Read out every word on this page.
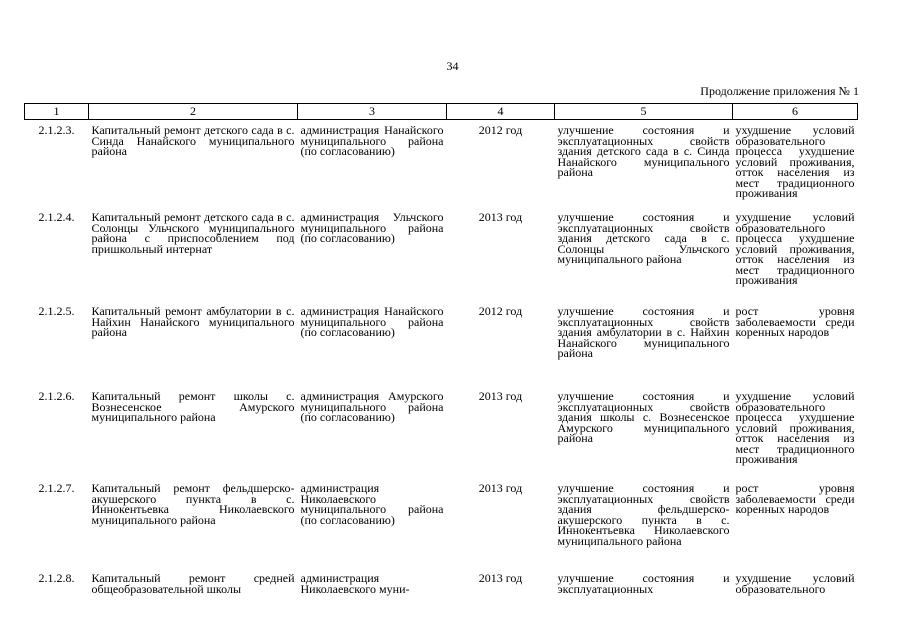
34
Продолжение приложения № 1
1	2	3	4	5	6
2.1.2.3.	Капитальный ремонт детского сада в с. Синда Нанайского муниципального района	администрация Нанайского муниципального района (по согласованию)	2012 год	улучшение состояния и эксплуатационных свойств здания детского сада в с. Синда Нанайского муниципального района	ухудшение условий образовательного процесса ухудшение условий проживания, отток населения из мест традиционного проживания
2.1.2.4.	Капитальный ремонт детского сада в с. Солонцы Ульчского муниципального района с приспособлением под пришкольный интернат	администрация Ульчского муниципального района (по согласованию)	2013 год	улучшение состояния и эксплуатационных свойств здания детского сада в с. Солонцы Ульчского муниципального района	ухудшение условий образовательного процесса ухудшение условий проживания, отток населения из мест традиционного проживания
2.1.2.5.	Капитальный ремонт амбулатории в с. Найхин Нанайского муниципального района	администрация Нанайского муниципального района (по согласованию)	2012 год	улучшение состояния и эксплуатационных свойств здания амбулатории в с. Найхин Нанайского муниципального района	рост уровня заболеваемости среди коренных народов
2.1.2.6.	Капитальный ремонт школы с. Вознесенское Амурского муниципального района	администрация Амурского муниципального района (по согласованию)	2013 год	улучшение состояния и эксплуатационных свойств здания школы с. Вознесенское Амурского муниципального района	ухудшение условий образовательного процесса ухудшение условий проживания, отток населения из мест традиционного проживания
2.1.2.7.	Капитальный ремонт фельдшерско-акушерского пункта в с. Иннокентьевка Николаевского муниципального района	администрация Николаевского муниципального района (по согласованию)	2013 год	улучшение состояния и эксплуатационных свойств здания фельдшерско-акушерского пункта в с. Иннокентьевка Николаевского муниципального района	рост уровня заболеваемости среди коренных народов
2.1.2.8.	Капитальный ремонт средней общеобразовательной школы	администрация Николаевского муни-	2013 год	улучшение состояния и эксплуатационных	ухудшение условий образовательного
